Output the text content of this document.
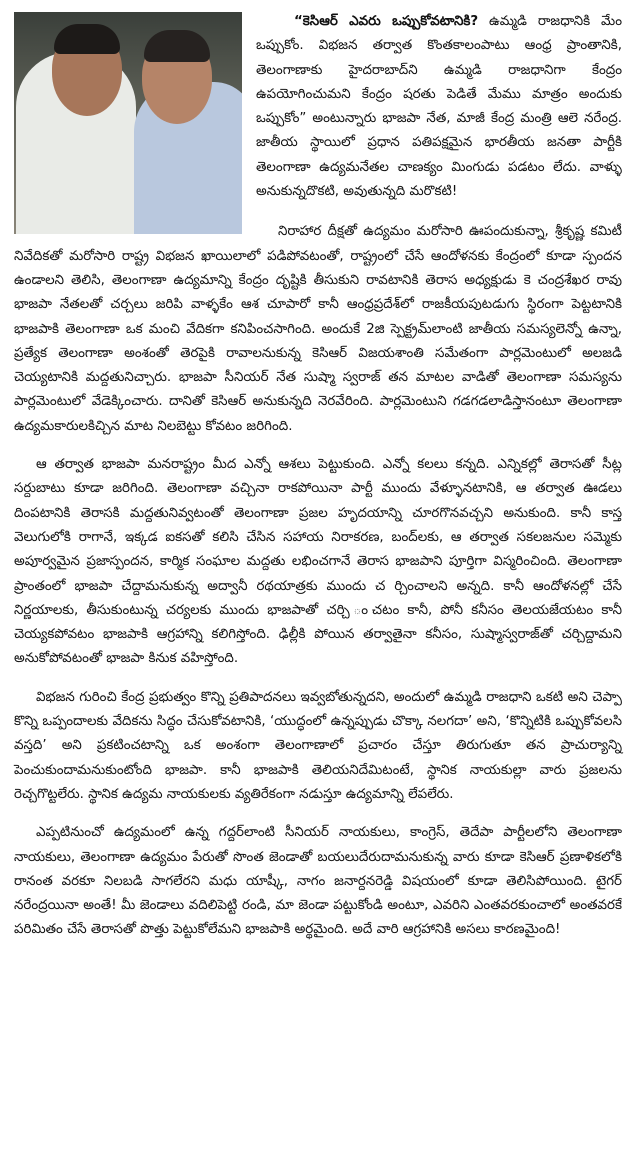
“కెసిఆర్ ఎవరు ఒప్పుకోవటానికి? ఉమ్మడి రాజధానికి మేం ఒప్పుకోం. విభజన తర్వాత కొంతకాలంపాటు ఆంధ్ర ప్రాంతానికి, తెలంగాణాకు హైదరాబాద్‌ని ఉమ్మడి రాజధానిగా కేంద్రం ఉపయోగించుమని కేంద్రం షరతు పెడితే మేము మాత్రం అందుకు ఒప్పుకోం” అంటున్నారు భాజపా నేత, మాజీ కేంద్ర మంత్రి ఆలె నరేంద్ర. జాతీయ స్థాయిలో ప్రధాన పతిపక్షమైన భారతీయ జనతా పార్టీకి తెలంగాణా ఉద్యమనేతల చాణక్యం మింగుడు పడటం లేదు. వాళ్ళు అనుకున్నదొకటి, అవుతున్నది మరొకటి!

నిరాహార దీక్షతో ఉద్యమం మరోసారి ఊపందుకున్నా, శ్రీకృష్ణ కమిటీ నివేదికతో మరోసారి రాష్ట్ర విభజన ఖాయిలాలో పడిపోవటంతో, రాష్ట్రంలో చేసే ఆందోళనకు కేంద్రంలో కూడా స్పందన ఉండాలని తెలిసి, తెలంగాణా ఉద్యమాన్ని కేంద్రం దృష్టికి తీసుకుని రావటానికి తెరాస అధ్యక్షుడు కె చంద్రశేఖర రావు భాజపా నేతలతో చర్చలు జరిపి వాళ్ళకేం ఆశ చూపారో కానీ ఆంధ్రప్రదేశ్‌లో రాజకీయపుటడుగు స్థిరంగా పెట్టటానికి భాజపాకి తెలంగాణా ఒక మంచి వేదికగా కనిపించసాగింది. అందుకే 2జి స్పెక్ట్రమ్‌లాంటి జాతీయ సమస్యలెన్నో ఉన్నా, ప్రత్యేక తెలంగాణా అంశంతో తెరపైకి రావాలనుకున్న కెసిఆర్ విజయశాంతి సమేతంగా పార్లమెంటులో అలజడి చెయ్యటానికి మద్దతునిచ్చారు. భాజపా సీనియర్ నేత సుష్మా స్వరాజ్ తన మాటల వాడితో తెలంగాణా సమస్యను పార్లమెంటులో వేడెక్కించారు. దానితో కెసిఆర్ అనుకున్నది నెరవేరింది. పార్లమెంటుని గడగడలాడిస్తానంటూ తెలంగాణా ఉద్యమకారులకిచ్చిన మాట నిలబెట్టు కోవటం జరిగింది.

ఆ తర్వాత భాజపా మనరాష్ట్రం మీద ఎన్నో ఆశలు పెట్టుకుంది. ఎన్నో కలలు కన్నది. ఎన్నికల్లో తెరాసతో సీట్ల సర్దుబాటు కూడా జరిగింది. తెలంగాణా వచ్చినా రాకపోయినా పార్టీ ముందు వేళ్ళూనటానికి, ఆ తర్వాత ఊడలు దింపటానికి తెరాసకి మద్దతునివ్వటంతో తెలంగాణా ప్రజల హృదయాన్ని చూరగొనవచ్చని అనుకుంది. కానీ కాస్త వెలుగులోకి రాగానే, ఇక్కడ ఐకసతో కలిసి చేసిన సహాయ నిరాకరణ, బంద్‌లకు, ఆ తర్వాత సకలజనుల సమ్మెకు అపూర్వమైన ప్రజాస్పందన, కార్మిక సంఘాల మద్దతు లభించగానే తెరాస భాజపాని పూర్తిగా విస్మరించింది. తెలంగాణా ప్రాంతంలో భాజపా చేద్దామనుకున్న అద్వానీ రథయాత్రకు ముందు చ ర్చించాలని అన్నది. కానీ ఆందోళనల్లో చేసే నిర్ణయాలకు, తీసుకుంటున్న చర్యలకు ముందు భాజపాతో చర్చి ంచటం కానీ, పోనీ కనీసం తెలయజేయటం కానీ చెయ్యకపోవటం భాజపాకి ఆగ్రహాన్ని కలిగిస్తోంది. ఢిల్లీకి పోయిన తర్వాతైనా కనీసం, సుష్మాస్వరాజ్‌తో చర్చిద్దామని అనుకోపోవటంతో భాజపా కినుక వహిస్తోంది.

విభజన గురించి కేంద్ర ప్రభుత్వం కొన్ని ప్రతిపాదనలు ఇవ్వబోతున్నదని, అందులో ఉమ్మడి రాజధాని ఒకటి అని చెప్పా కొన్ని ఒప్పందాలకు వేదికను సిద్ధం చేసుకోవటానికి, ‘యుద్ధంలో ఉన్నప్పుడు చొక్కా నలగదా’ అని, ‘కొన్నిటికి ఒప్పుకోవలసి వస్తది’ అని ప్రకటించటాన్ని ఒక అంశంగా తెలంగాణాలో ప్రచారం చేస్తూ తిరుగుతూ తన ప్రాచుర్యాన్ని పెంచుకుందామనుకుంటోంది భాజపా. కానీ భాజపాకి తెలియనిదేమిటంటే, స్థానిక నాయకుల్లా వారు ప్రజలను రెచ్చగొట్టలేరు. స్థానిక ఉద్యమ నాయకులకు వ్యతిరేకంగా నడుస్తూ ఉద్యమాన్ని లేపలేరు.

ఎప్పటినుంచో ఉద్యమంలో ఉన్న గద్దర్‌లాంటి సీనియర్ నాయకులు, కాంగ్రెస్, తెదేపా పార్టీలలోని తెలంగాణా నాయకులు, తెలంగాణా ఉద్యమం పేరుతో సొంత జెండాతో బయలుదేరుదామనుకున్న వారు కూడా కెసిఆర్ ప్రణాళికలోకి రానంత వరకూ నిలబడి సాగలేరని మధు యాష్కీ, నాగం జనార్దనరెడ్డి విషయంలో కూడా తెలిసిపోయింది. టైగర్ నరేంద్రయినా అంతే! మీ జెండాలు వదిలిపెట్టి రండి, మా జెండా పట్టుకోండి అంటూ, ఎవరిని ఎంతవరకుంచాలో అంతవరకే పరిమితం చేసే తెరాసతో పొత్తు పెట్టుకోలేమని భాజపాకి అర్థమైంది. అదే వారి ఆగ్రహానికి అసలు కారణమైంది!
